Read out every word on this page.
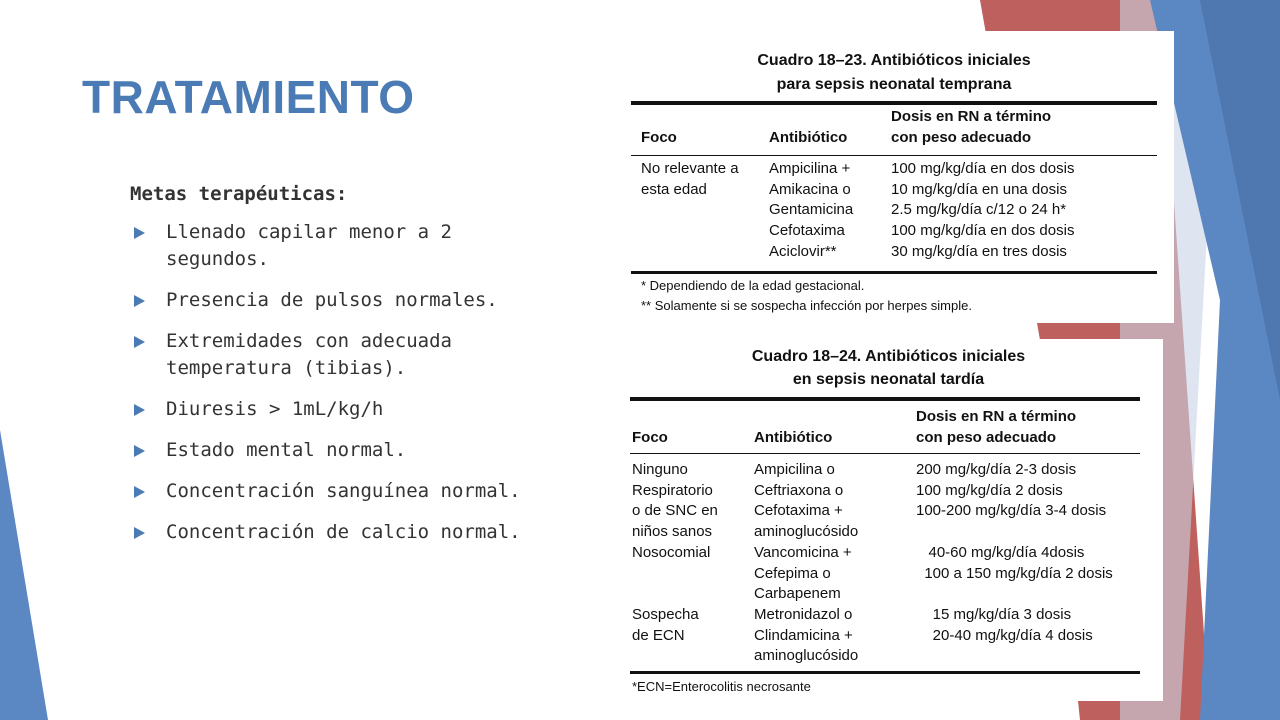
TRATAMIENTO

Metas terapéuticas:

Llenado capilar menor a 2 segundos.
Presencia de pulsos normales.
Extremidades con adecuada temperatura (tibias).
Diuresis > 1mL/kg/h
Estado mental normal.
Concentración sanguínea normal.
Concentración de calcio normal.
Cuadro 18–23. Antibióticos iniciales
para sepsis neonatal temprana
Foco	Antibiótico
Dosis en RN a término
con peso adecuado
No relevante a
esta edad
Ampicilina +
Amikacina o
Gentamicina
Cefotaxima
Aciclovir**
100 mg/kg/día en dos dosis
10 mg/kg/día en una dosis
2.5 mg/kg/día c/12 o 24 h*
100 mg/kg/día en dos dosis
30 mg/kg/día en tres dosis
* Dependiendo de la edad gestacional.
** Solamente si se sospecha infección por herpes simple.
Cuadro 18–24. Antibióticos iniciales
en sepsis neonatal tardía
Foco	Antibiótico
Dosis en RN a término
con peso adecuado
Ninguno
Respiratorio
o de SNC en
niños sanos
Nosocomial

Sospecha
de ECN
Ampicilina o
Ceftriaxona o
Cefotaxima +
aminoglucósido
Vancomicina +
Cefepima o
Carbapenem
Metronidazol o
Clindamicina +
aminoglucósido
200 mg/kg/día 2-3 dosis
100 mg/kg/día 2 dosis
100-200 mg/kg/día 3-4 dosis

40-60 mg/kg/día 4dosis
100 a 150 mg/kg/día 2 dosis

15 mg/kg/día 3 dosis
20-40 mg/kg/día 4 dosis
*ECN=Enterocolitis necrosante
